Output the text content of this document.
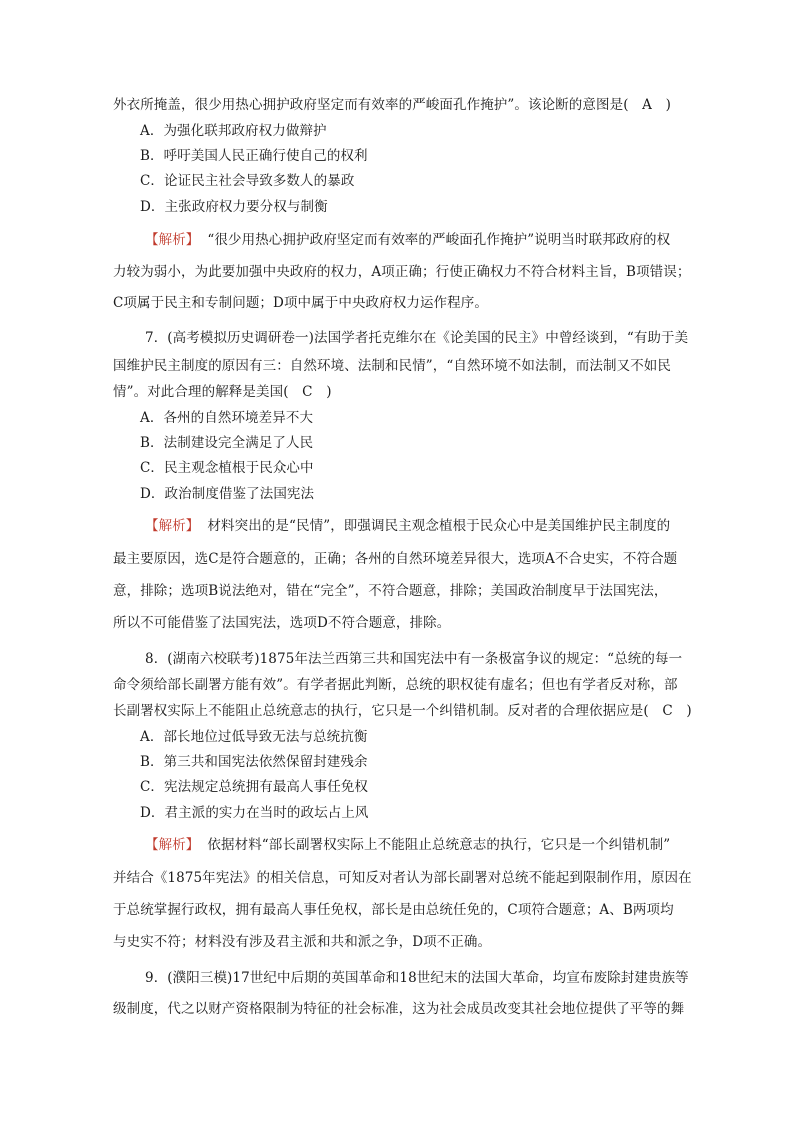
外衣所掩盖，很少用热心拥护政府坚定而有效率的严峻面孔作掩护”。该论断的意图是(　A　)
A．为强化联邦政府权力做辩护
B．呼吁美国人民正确行使自己的权利
C．论证民主社会导致多数人的暴政
D．主张政府权力要分权与制衡
【解析】 “很少用热心拥护政府坚定而有效率的严峻面孔作掩护”说明当时联邦政府的权
力较为弱小，为此要加强中央政府的权力，A项正确；行使正确权力不符合材料主旨，B项错误；
C项属于民主和专制问题；D项中属于中央政府权力运作程序。
7．(高考模拟历史调研卷一)法国学者托克维尔在《论美国的民主》中曾经谈到，“有助于美
国维护民主制度的原因有三：自然环境、法制和民情”，“自然环境不如法制，而法制又不如民
情”。对此合理的解释是美国(　C　)
A．各州的自然环境差异不大
B．法制建设完全满足了人民
C．民主观念植根于民众心中
D．政治制度借鉴了法国宪法
【解析】 材料突出的是“民情”，即强调民主观念植根于民众心中是美国维护民主制度的
最主要原因，选C是符合题意的，正确；各州的自然环境差异很大，选项A不合史实，不符合题
意，排除；选项B说法绝对，错在“完全”，不符合题意，排除；美国政治制度早于法国宪法，
所以不可能借鉴了法国宪法，选项D不符合题意，排除。
8．(湖南六校联考)1875年法兰西第三共和国宪法中有一条极富争议的规定：“总统的每一
命令须给部长副署方能有效”。有学者据此判断，总统的职权徒有虚名；但也有学者反对称，部
长副署权实际上不能阻止总统意志的执行，它只是一个纠错机制。反对者的合理依据应是(　C　)
A．部长地位过低导致无法与总统抗衡
B．第三共和国宪法依然保留封建残余
C．宪法规定总统拥有最高人事任免权
D．君主派的实力在当时的政坛占上风
【解析】 依据材料“部长副署权实际上不能阻止总统意志的执行，它只是一个纠错机制”
并结合《1875年宪法》的相关信息，可知反对者认为部长副署对总统不能起到限制作用，原因在
于总统掌握行政权，拥有最高人事任免权，部长是由总统任免的，C项符合题意；A、B两项均
与史实不符；材料没有涉及君主派和共和派之争，D项不正确。
9．(濮阳三模)17世纪中后期的英国革命和18世纪末的法国大革命，均宣布废除封建贵族等
级制度，代之以财产资格限制为特征的社会标准，这为社会成员改变其社会地位提供了平等的舞
